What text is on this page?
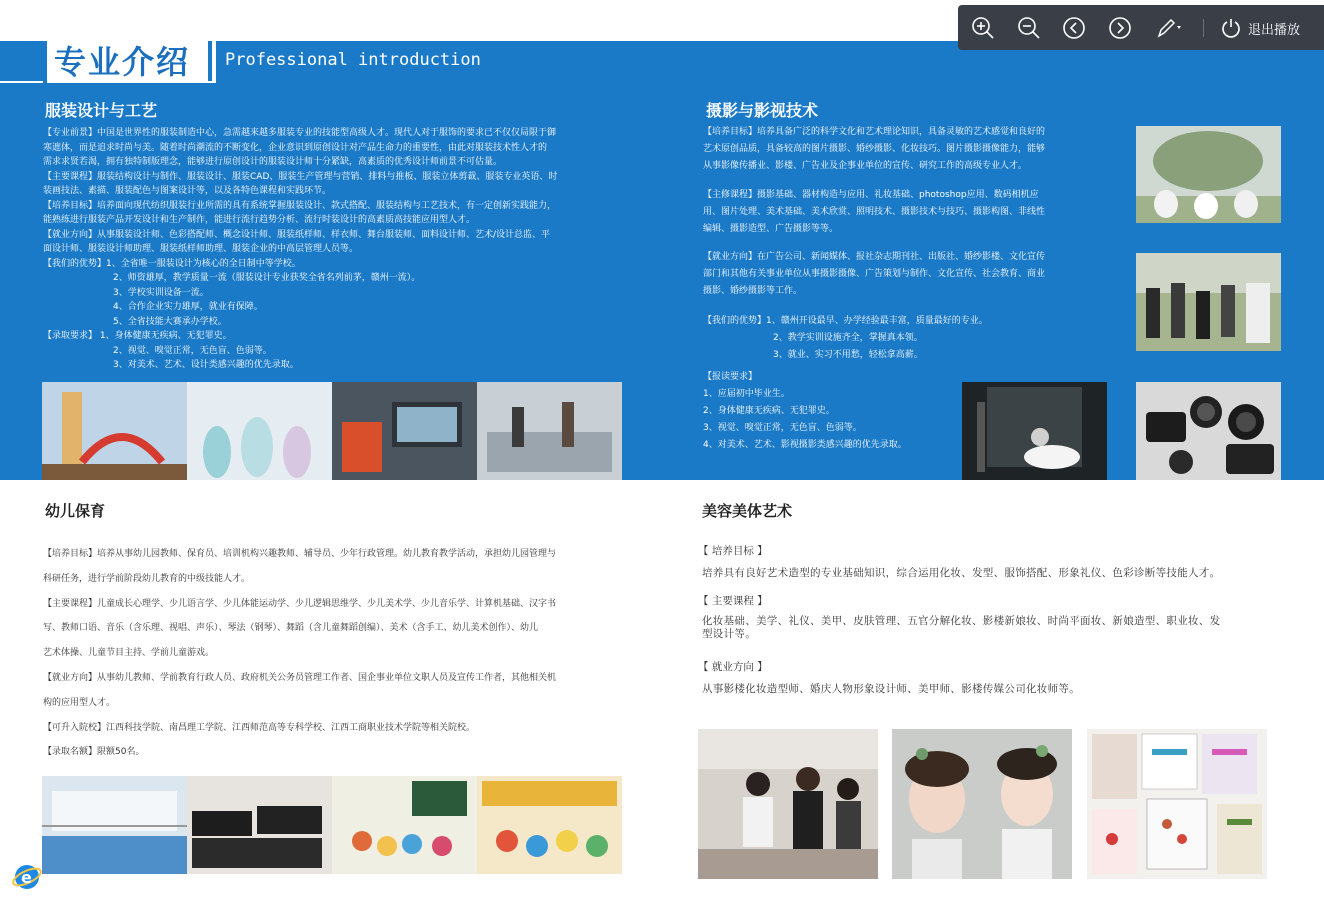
退出播放
专业介绍 Professional introduction
服装设计与工艺

【专业前景】中国是世界性的服装制造中心，急需越来越多服装专业的技能型高级人才。现代人对于服饰的要求已不仅仅局限于御

寒遮体，而是追求时尚与美。随着时尚潮流的不断变化，企业意识到原创设计对产品生命力的重要性，由此对服装技术性人才的

需求求贤若渴，拥有独特制版理念，能够进行原创设计的服装设计师十分紧缺，高素质的优秀设计师前景不可估量。

【主要课程】服装结构设计与制作、服装设计、服装CAD、服装生产管理与营销、排料与推板、服装立体剪裁、服装专业英语、时

装画技法、素描、服装配色与图案设计等，以及各特色课程和实践环节。

【培养目标】培养面向现代纺织服装行业所需的具有系统掌握服装设计、款式搭配、服装结构与工艺技术，有一定创新实践能力，

能熟练进行服装产品开发设计和生产制作，能进行流行趋势分析、流行时装设计的高素质高技能应用型人才。

【就业方向】从事服装设计师、色彩搭配师、概念设计师、服装纸样师、样衣师、舞台服装师、面料设计师、艺术/设计总监、平

面设计师、服装设计师助理、服装纸样师助理、服装企业的中高层管理人员等。

【我们的优势】1、全省唯一服装设计为核心的全日制中等学校。

2、师资雄厚，教学质量一流（服装设计专业获奖全省名列前茅，赣州一流）。

3、学校实训设备一流。

4、合作企业实力雄厚，就业有保障。

5、全省技能大赛承办学校。

【录取要求】 1、身体健康无疾病、无犯罪史。

2、视觉、嗅觉正常，无色盲、色弱等。

3、对美术、艺术、设计类感兴趣的优先录取。

摄影与影视技术

【培养目标】培养具备广泛的科学文化和艺术理论知识，具备灵敏的艺术感觉和良好的

艺术原创品质，具备较高的图片摄影、婚纱摄影、化妆技巧。图片摄影摄像能力，能够

从事影像传播业、影楼、广告业及企事业单位的宣传、研究工作的高级专业人才。

【主修课程】摄影基础、器材构造与应用、礼妆基础、photoshop应用、数码相机应

用、图片处理、美术基础、美术欣赏、照明技术、摄影技术与技巧、摄影构图、非线性

编辑、摄影造型、广告摄影等等。

【就业方向】在广告公司、新闻媒体、报社杂志期刊社、出版社、婚纱影楼、文化宣传

部门和其他有关事业单位从事摄影摄像、广告策划与制作、文化宣传、社会教育、商业

摄影、婚纱摄影等工作。

【我们的优势】1、赣州开设最早、办学经验最丰富，质量最好的专业。

2、教学实训设施齐全，掌握真本领。

3、就业、实习不用愁，轻松拿高薪。

【报读要求】

1、应届初中毕业生。

2、身体健康无疾病、无犯罪史。

3、视觉、嗅觉正常，无色盲、色弱等。

4、对美术、艺术、影视摄影类感兴趣的优先录取。

幼儿保育

【培养目标】培养从事幼儿园教师、保育员、培训机构兴趣教师、辅导员、少年行政管理。幼儿教育教学活动，承担幼儿园管理与

科研任务，进行学前阶段幼儿教育的中级技能人才。

【主要课程】儿童成长心理学、少儿语言学、少儿体能运动学、少儿逻辑思维学、少儿美术学、少儿音乐学、计算机基础、汉字书

写、教师口语、音乐（含乐理、视唱、声乐）、琴法（钢琴）、舞蹈（含儿童舞蹈创编）、美术（含手工、幼儿美术创作）、幼儿

艺术体操、儿童节目主持、学前儿童游戏。

【就业方向】从事幼儿教师、学前教育行政人员、政府机关公务员管理工作者、国企事业单位文职人员及宣传工作者，其他相关机

构的应用型人才。

【可升入院校】江西科技学院、南昌理工学院、江西师范高等专科学校、江西工商职业技术学院等相关院校。

【录取名额】限额50名。

美容美体艺术
【 培养目标 】
培养具有良好艺术造型的专业基础知识，综合运用化妆、发型、服饰搭配、形象礼仪、色彩诊断等技能人才。
【 主要课程 】

化妆基础、美学、礼仪、美甲、皮肤管理、五官分解化妆、影楼新娘妆、时尚平面妆、新娘造型、职业妆、发

型设计等。

【 就业方向 】
从事影楼化妆造型师、婚庆人物形象设计师、美甲师、影楼传媒公司化妆师等。
e
